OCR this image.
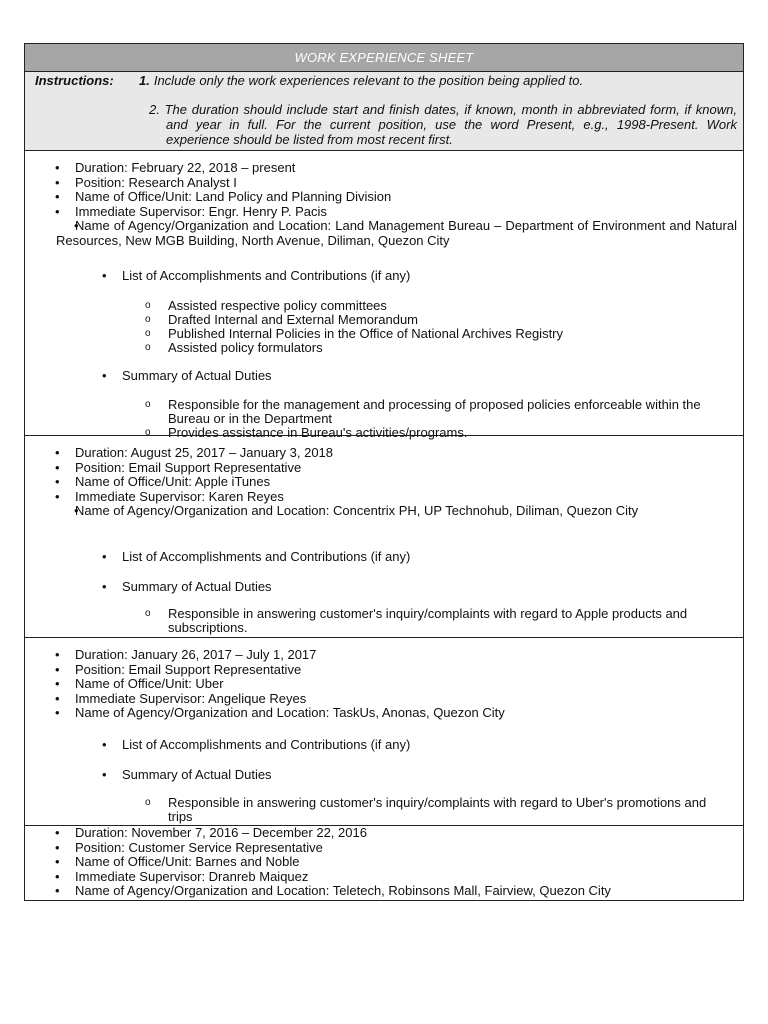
WORK EXPERIENCE SHEET
Instructions: 1. Include only the work experiences relevant to the position being applied to.
2. The duration should include start and finish dates, if known, month in abbreviated form, if known, and year in full. For the current position, use the word Present, e.g., 1998-Present. Work experience should be listed from most recent first.
• Duration: February 22, 2018 – present
• Position: Research Analyst I
• Name of Office/Unit: Land Policy and Planning Division
• Immediate Supervisor: Engr. Henry P. Pacis
• Name of Agency/Organization and Location: Land Management Bureau – Department of Environment and Natural Resources, New MGB Building, North Avenue, Diliman, Quezon City
• List of Accomplishments and Contributions (if any)
o Assisted respective policy committees
o Drafted Internal and External Memorandum
o Published Internal Policies in the Office of National Archives Registry
o Assisted policy formulators
• Summary of Actual Duties
o Responsible for the management and processing of proposed policies enforceable within the Bureau or in the Department
o Provides assistance in Bureau's activities/programs.
• Duration: August 25, 2017 – January 3, 2018
• Position: Email Support Representative
• Name of Office/Unit: Apple iTunes
• Immediate Supervisor: Karen Reyes
• Name of Agency/Organization and Location: Concentrix PH, UP Technohub, Diliman, Quezon City
• List of Accomplishments and Contributions (if any)
• Summary of Actual Duties
o Responsible in answering customer's inquiry/complaints with regard to Apple products and subscriptions.
• Duration: January 26, 2017 – July 1, 2017
• Position: Email Support Representative
• Name of Office/Unit: Uber
• Immediate Supervisor: Angelique Reyes
• Name of Agency/Organization and Location: TaskUs, Anonas, Quezon City
• List of Accomplishments and Contributions (if any)
• Summary of Actual Duties
o Responsible in answering customer's inquiry/complaints with regard to Uber's promotions and trips
• Duration: November 7, 2016 – December 22, 2016
• Position: Customer Service Representative
• Name of Office/Unit: Barnes and Noble
• Immediate Supervisor: Dranreb Maiquez
• Name of Agency/Organization and Location: Teletech, Robinsons Mall, Fairview, Quezon City
